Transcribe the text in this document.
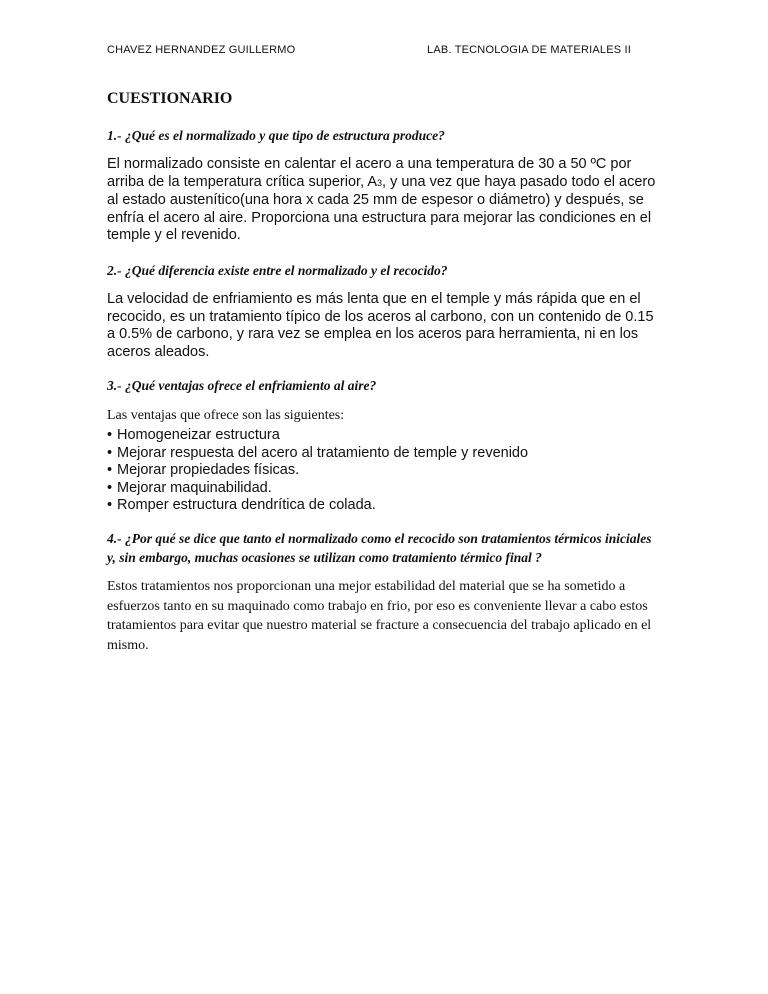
CHAVEZ HERNANDEZ GUILLERMO	LAB. TECNOLOGIA DE MATERIALES II
CUESTIONARIO

1.- ¿Qué es el normalizado y que tipo de estructura produce?

El normalizado consiste en calentar el acero a una temperatura de 30 a 50 ºC por arriba de la temperatura crítica superior, A3, y una vez que haya pasado todo el acero al estado austenítico(una hora x cada 25 mm de espesor o diámetro) y después, se enfría el acero al aire. Proporciona una estructura para mejorar las condiciones en el temple y el revenido.

2.- ¿Qué diferencia existe entre el normalizado y el recocido?

La velocidad de enfriamiento es más lenta que en el temple y más rápida que en el recocido, es un tratamiento típico de los aceros al carbono, con un contenido de 0.15 a 0.5% de carbono, y rara vez se emplea en los aceros para herramienta, ni en los aceros aleados.

3.- ¿Qué ventajas ofrece el enfriamiento al aire?

Las ventajas que ofrece son las siguientes:

• Homogeneizar estructura
• Mejorar respuesta del acero al tratamiento de temple y revenido
• Mejorar propiedades físicas.
• Mejorar maquinabilidad.
• Romper estructura dendrítica de colada.

4.- ¿Por qué se dice que tanto el normalizado como el recocido son tratamientos térmicos iniciales y, sin embargo, muchas ocasiones se utilizan como tratamiento térmico final ?

Estos tratamientos nos proporcionan una mejor estabilidad del material que se ha sometido a esfuerzos tanto en su maquinado como trabajo en frio, por eso es conveniente llevar a cabo estos tratamientos para evitar que nuestro material se fracture a consecuencia del trabajo aplicado en el mismo.
